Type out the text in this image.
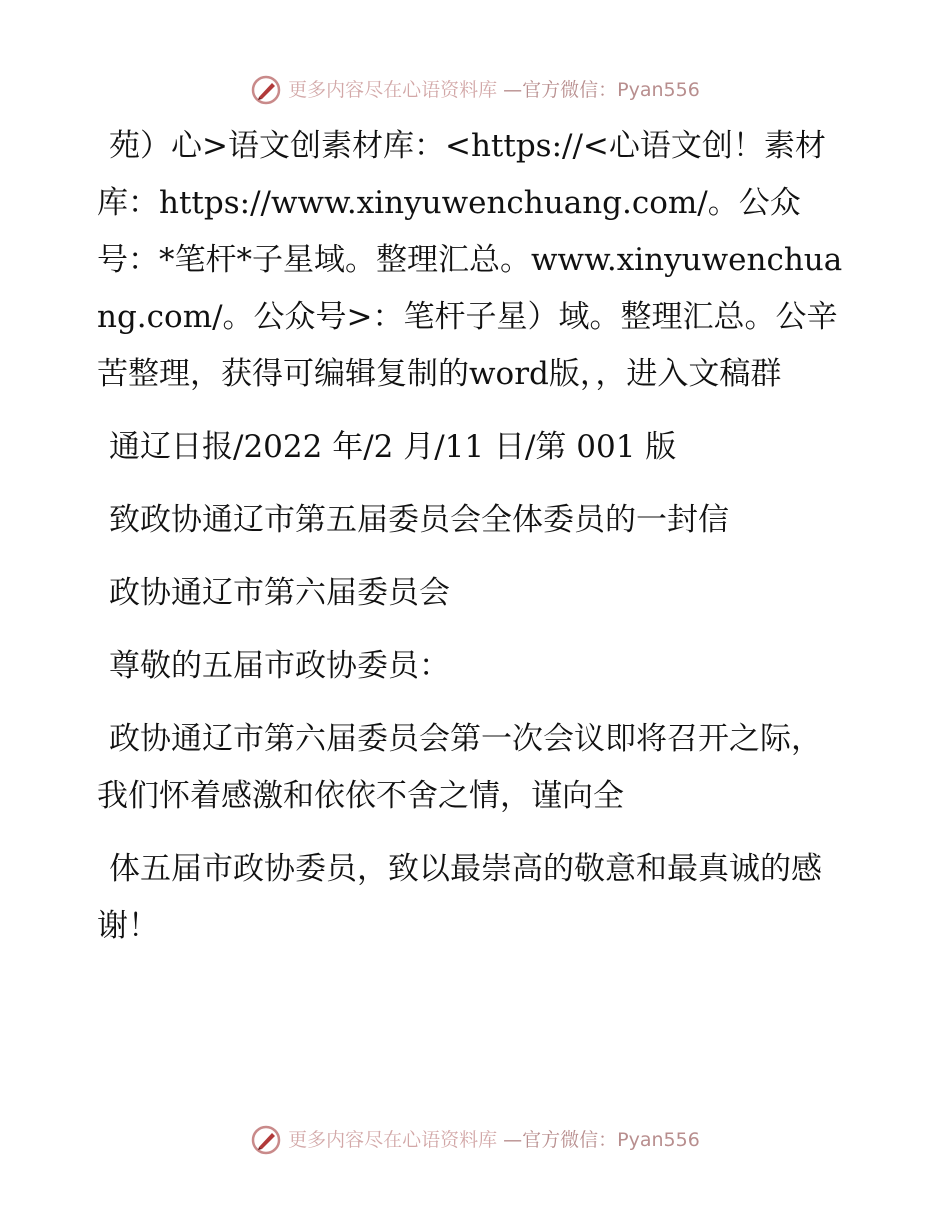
更多内容尽在心语资料库 —官方微信：Pyan556

苑）心>语文创素材库：<https://<心语文创！素材库：https://www.xinyuwenchuang.com/。公众号：*笔杆*子星域。整理汇总。www.xinyuwenchuang.com/。公众号>：笔杆子星）域。整理汇总。公辛苦整理，获得可编辑复制的word版，，进入文稿群

通辽日报/2022 年/2 月/11 日/第 001 版

致政协通辽市第五届委员会全体委员的一封信

政协通辽市第六届委员会

尊敬的五届市政协委员：

政协通辽市第六届委员会第一次会议即将召开之际，我们怀着感激和依依不舍之情，谨向全

体五届市政协委员，致以最崇高的敬意和最真诚的感谢！

更多内容尽在心语资料库 —官方微信：Pyan556
